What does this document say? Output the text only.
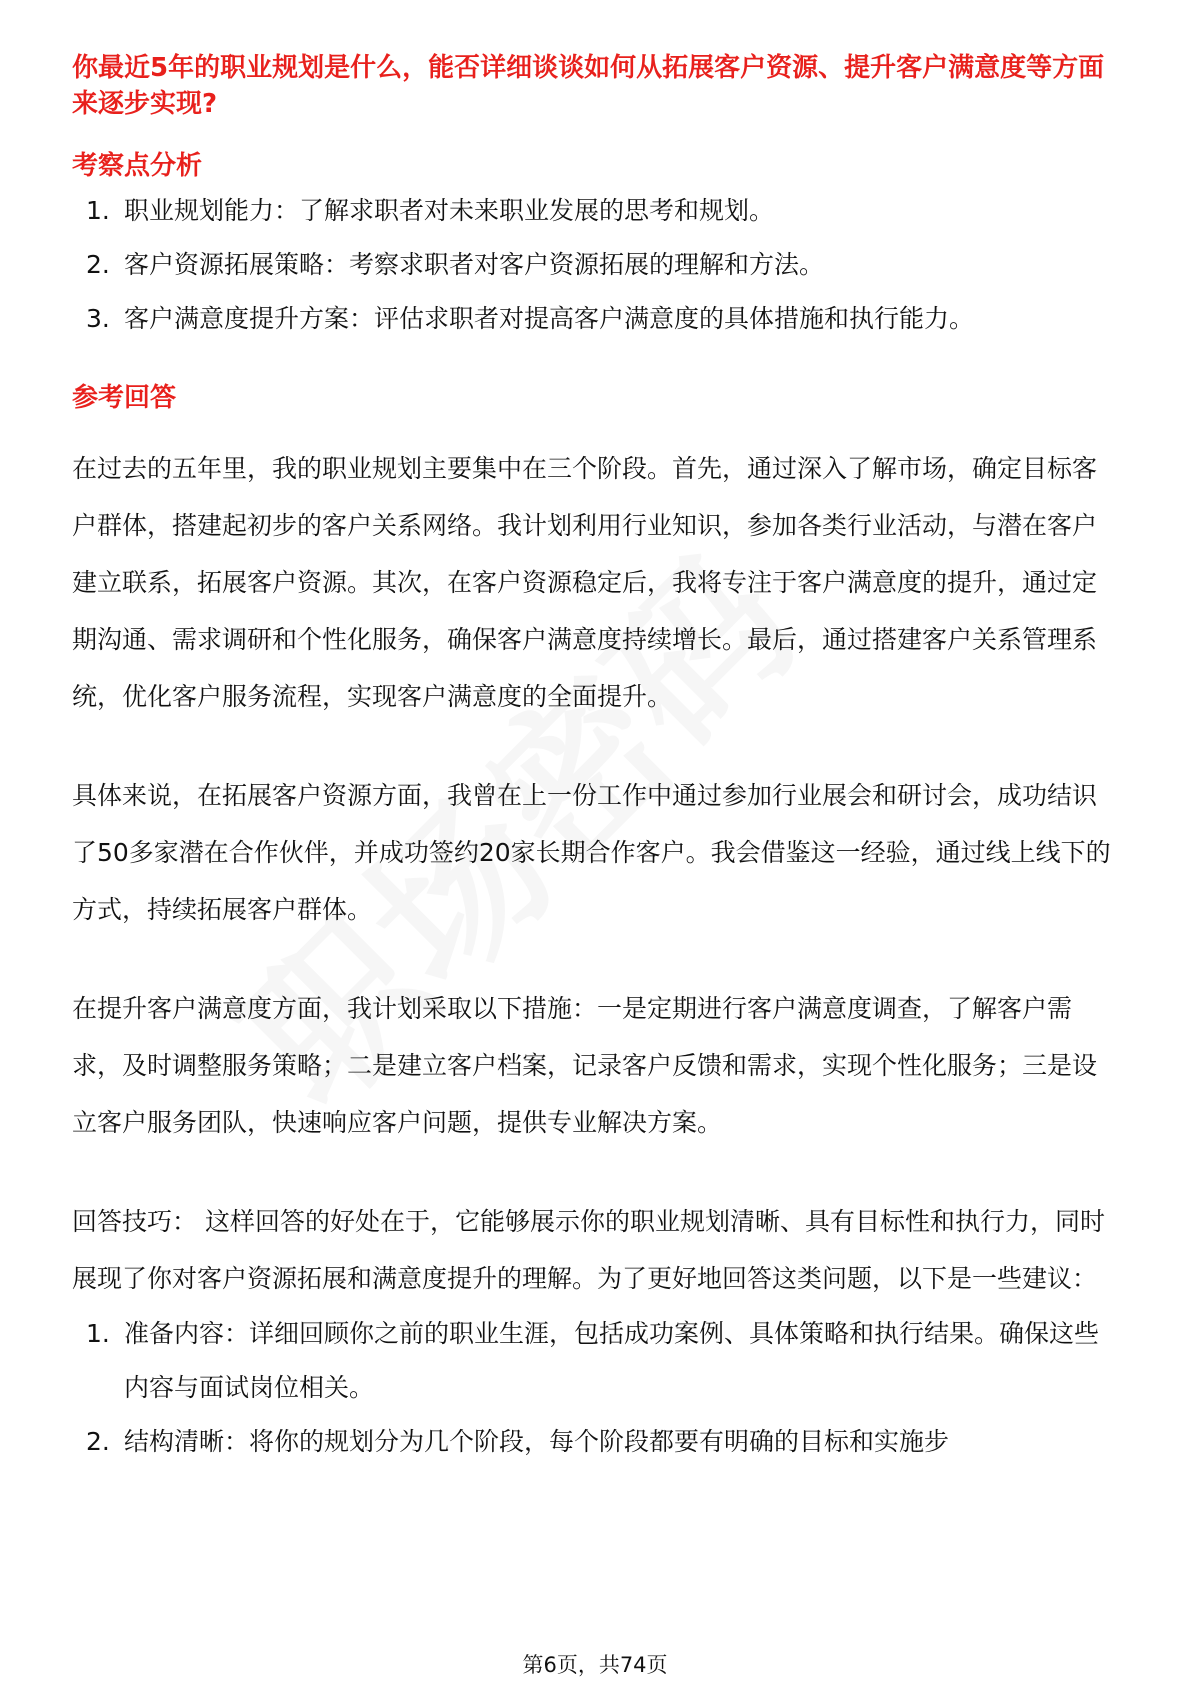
你最近5年的职业规划是什么，能否详细谈谈如何从拓展客户资源、提升客户满意度等方面来逐步实现?

考察点分析

1. 职业规划能力：了解求职者对未来职业发展的思考和规划。
2. 客户资源拓展策略：考察求职者对客户资源拓展的理解和方法。
3. 客户满意度提升方案：评估求职者对提高客户满意度的具体措施和执行能力。

参考回答

在过去的五年里，我的职业规划主要集中在三个阶段。首先，通过深入了解市场，确定目标客户群体，搭建起初步的客户关系网络。我计划利用行业知识，参加各类行业活动，与潜在客户建立联系，拓展客户资源。其次，在客户资源稳定后，我将专注于客户满意度的提升，通过定期沟通、需求调研和个性化服务，确保客户满意度持续增长。最后，通过搭建客户关系管理系统，优化客户服务流程，实现客户满意度的全面提升。

具体来说，在拓展客户资源方面，我曾在上一份工作中通过参加行业展会和研讨会，成功结识了50多家潜在合作伙伴，并成功签约20家长期合作客户。我会借鉴这一经验，通过线上线下的方式，持续拓展客户群体。

在提升客户满意度方面，我计划采取以下措施：一是定期进行客户满意度调查，了解客户需求，及时调整服务策略；二是建立客户档案，记录客户反馈和需求，实现个性化服务；三是设立客户服务团队，快速响应客户问题，提供专业解决方案。

回答技巧： 这样回答的好处在于，它能够展示你的职业规划清晰、具有目标性和执行力，同时展现了你对客户资源拓展和满意度提升的理解。为了更好地回答这类问题，以下是一些建议：

1. 准备内容：详细回顾你之前的职业生涯，包括成功案例、具体策略和执行结果。确保这些内容与面试岗位相关。
2. 结构清晰：将你的规划分为几个阶段，每个阶段都要有明确的目标和实施步
第6页，共74页
